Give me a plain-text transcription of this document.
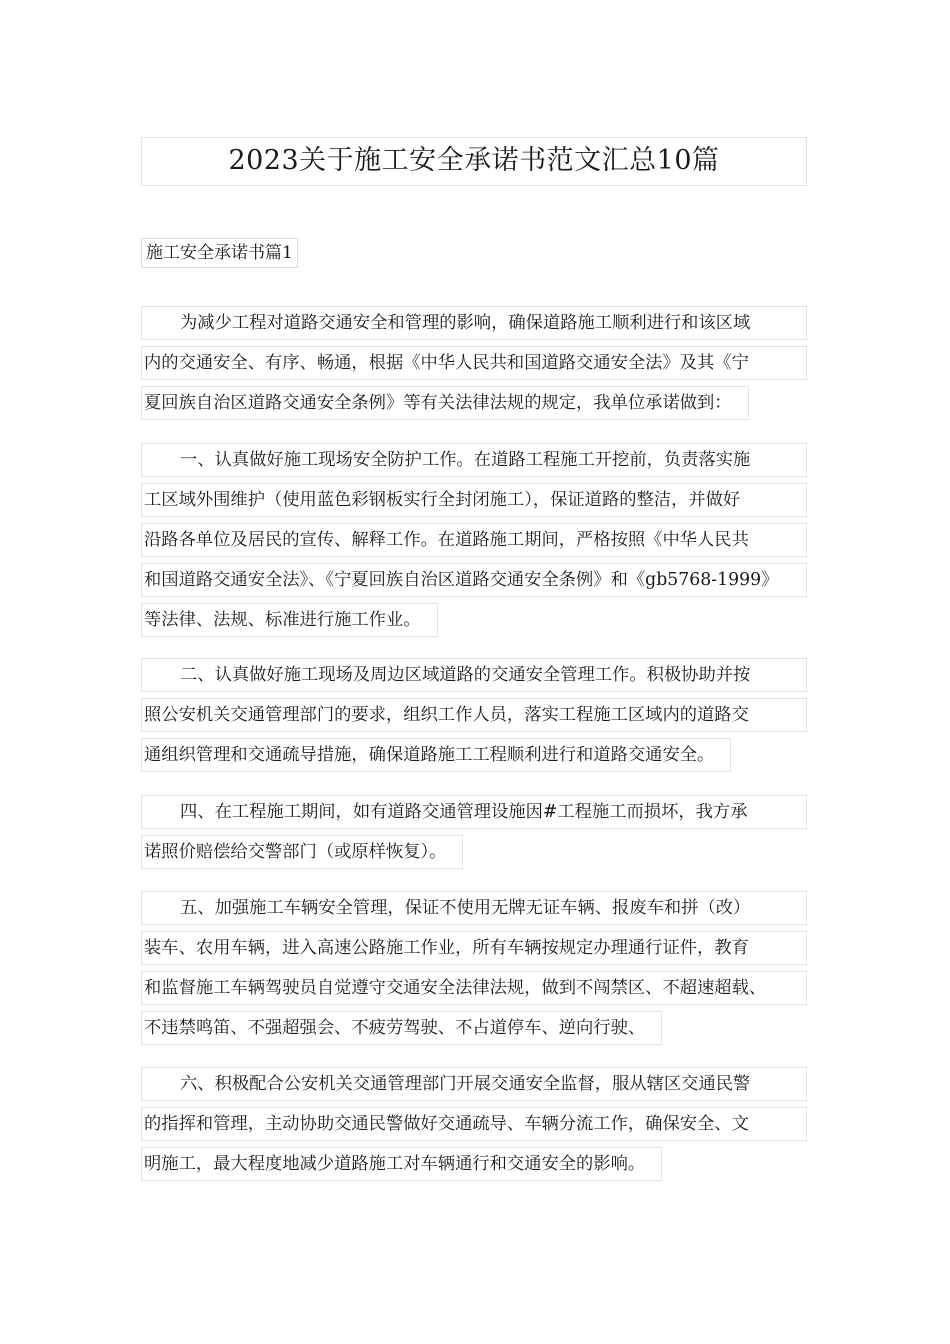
2023关于施工安全承诺书范文汇总10篇
施工安全承诺书篇1
为减少工程对道路交通安全和管理的影响，确保道路施工顺利进行和该区域
内的交通安全、有序、畅通，根据《中华人民共和国道路交通安全法》及其《宁
夏回族自治区道路交通安全条例》等有关法律法规的规定，我单位承诺做到：
一、认真做好施工现场安全防护工作。在道路工程施工开挖前，负责落实施
工区域外围维护（使用蓝色彩钢板实行全封闭施工），保证道路的整洁，并做好
沿路各单位及居民的宣传、解释工作。在道路施工期间，严格按照《中华人民共
和国道路交通安全法》、《宁夏回族自治区道路交通安全条例》和《gb5768-1999》
等法律、法规、标准进行施工作业。
二、认真做好施工现场及周边区域道路的交通安全管理工作。积极协助并按
照公安机关交通管理部门的要求，组织工作人员，落实工程施工区域内的道路交
通组织管理和交通疏导措施，确保道路施工工程顺利进行和道路交通安全。
四、在工程施工期间，如有道路交通管理设施因#工程施工而损坏，我方承
诺照价赔偿给交警部门（或原样恢复）。
五、加强施工车辆安全管理，保证不使用无牌无证车辆、报废车和拼（改）
装车、农用车辆，进入高速公路施工作业，所有车辆按规定办理通行证件，教育
和监督施工车辆驾驶员自觉遵守交通安全法律法规，做到不闯禁区、不超速超载、
不违禁鸣笛、不强超强会、不疲劳驾驶、不占道停车、逆向行驶、
六、积极配合公安机关交通管理部门开展交通安全监督，服从辖区交通民警
的指挥和管理，主动协助交通民警做好交通疏导、车辆分流工作，确保安全、文
明施工，最大程度地减少道路施工对车辆通行和交通安全的影响。
